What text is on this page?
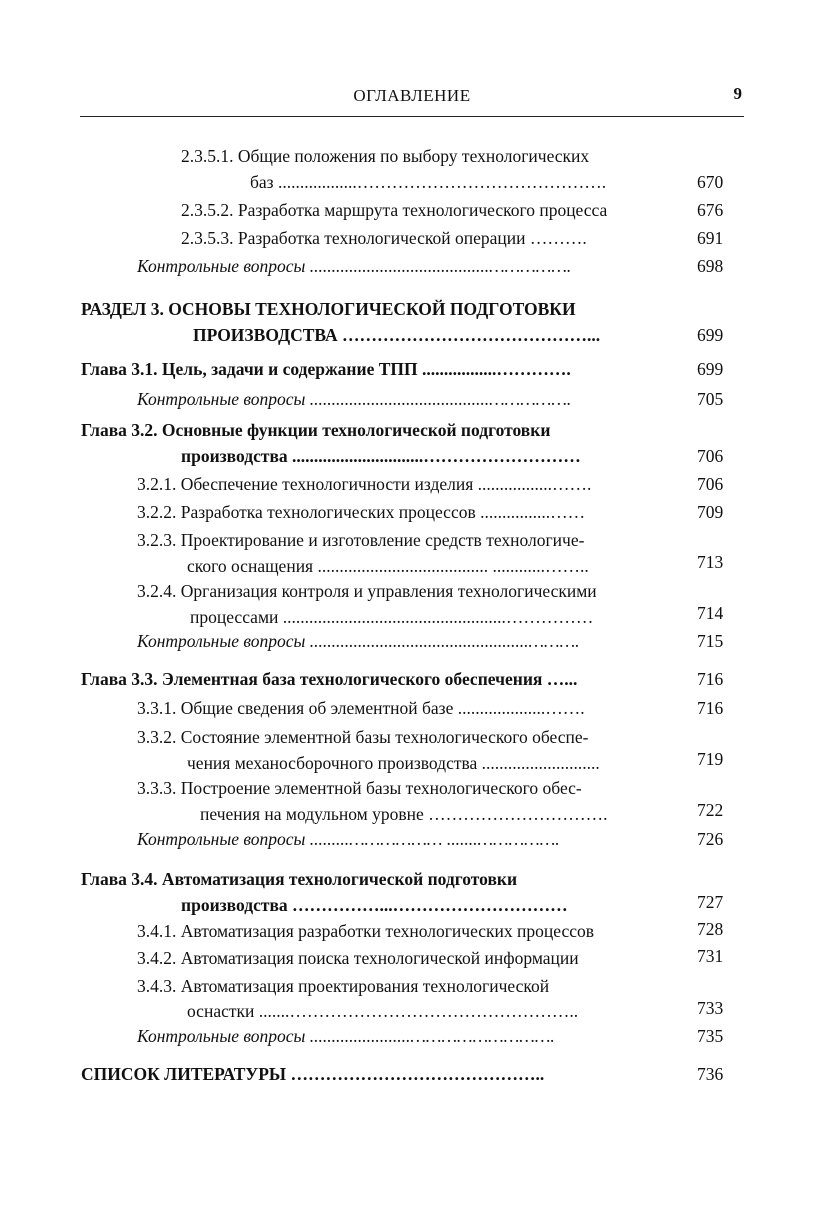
ОГЛАВЛЕНИЕ	9
2.3.5.1. Общие положения по выбору технологических
баз ..................…………………………………….	670
2.3.5.2. Разработка маршрута технологического процесса	676
2.3.5.3. Разработка технологической операции ……….	691
Контрольные вопросы .........................................…………….	698
РАЗДЕЛ 3. ОСНОВЫ ТЕХНОЛОГИЧЕСКОЙ ПОДГОТОВКИ
ПРОИЗВОДСТВА ……………………………………...	699
Глава 3.1. Цель, задачи и содержание ТПП .................………….	699
Контрольные вопросы .........................................…………….	705
Глава 3.2. Основные функции технологической подготовки
производства ..............................………………………	706
3.2.1. Обеспечение технологичности изделия .................…….	706
3.2.2. Разработка технологических процессов ................……	709
3.2.3. Проектирование и изготовление средств технологиче-
ского оснащения ....................................... ............……..	713
3.2.4. Организация контроля и управления технологическими
процессами ...................................................……………	714
Контрольные вопросы ..................................................……….	715
Глава 3.3. Элементная база технологического обеспечения …...	716
3.3.1. Общие сведения об элементной базе ....................…….	716
3.3.2. Состояние элементной базы технологического обеспе-
чения механосборочного производства ...........................	719
3.3.3. Построение элементной базы технологического обес-
печения на модульном уровне ………………………….	722
Контрольные вопросы .........……………… .......…………….	726
Глава 3.4. Автоматизация технологической подготовки
производства ……………...…………………………	727
3.4.1. Автоматизация разработки технологических процессов	728
3.4.2. Автоматизация поиска технологической информации	731
3.4.3. Автоматизация проектирования технологической
оснастки .......…………………………………………..	733
Контрольные вопросы .......................……………………….	735
СПИСОК ЛИТЕРАТУРЫ ……………………………………..	736
